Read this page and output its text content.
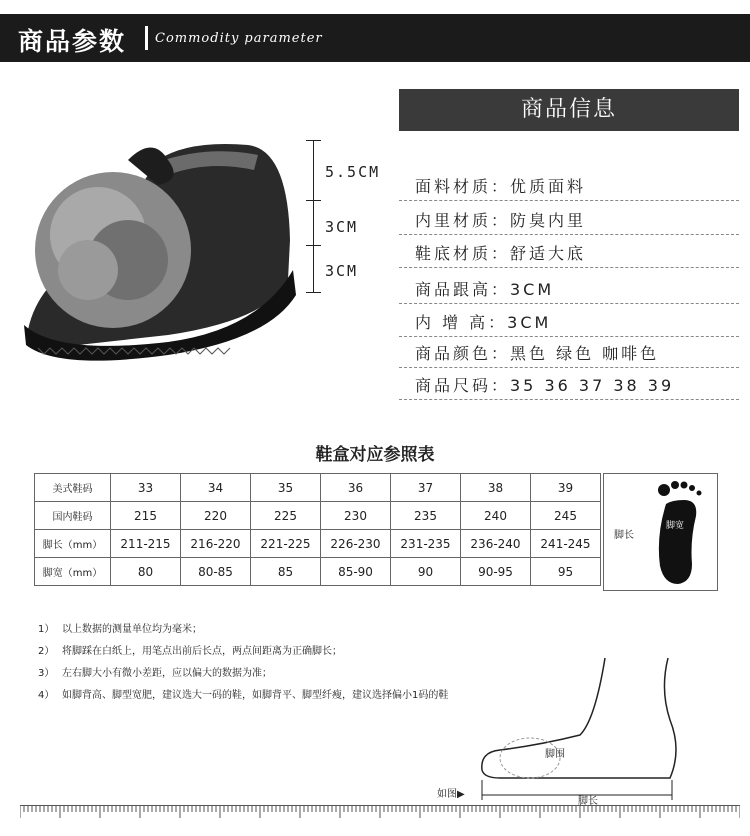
商品参数 Commodity parameter
5.5CM
3CM
3CM
商品信息
面料材质：优质面料
内里材质：防臭内里
鞋底材质：舒适大底
商品跟高：3CM
内 增 高：3CM
商品颜色：黑色 绿色 咖啡色
商品尺码：35 36 37 38 39
鞋盒对应参照表
美式鞋码	33	34	35	36	37	38	39
国内鞋码	215	220	225	230	235	240	245
脚长（mm）	211-215	216-220	221-225	226-230	231-235	236-240	241-245
脚宽（mm）	80	80-85	85	85-90	90	90-95	95
脚长
脚宽
1） 以上数据的测量单位均为毫米；
2） 将脚踩在白纸上，用笔点出前后长点，两点间距离为正确脚长；
3） 左右脚大小有微小差距，应以偏大的数据为准；
4） 如脚背高、脚型宽肥，建议选大一码的鞋，如脚背平、脚型纤瘦，建议选择偏小1码的鞋
脚围
脚长
如图▶
